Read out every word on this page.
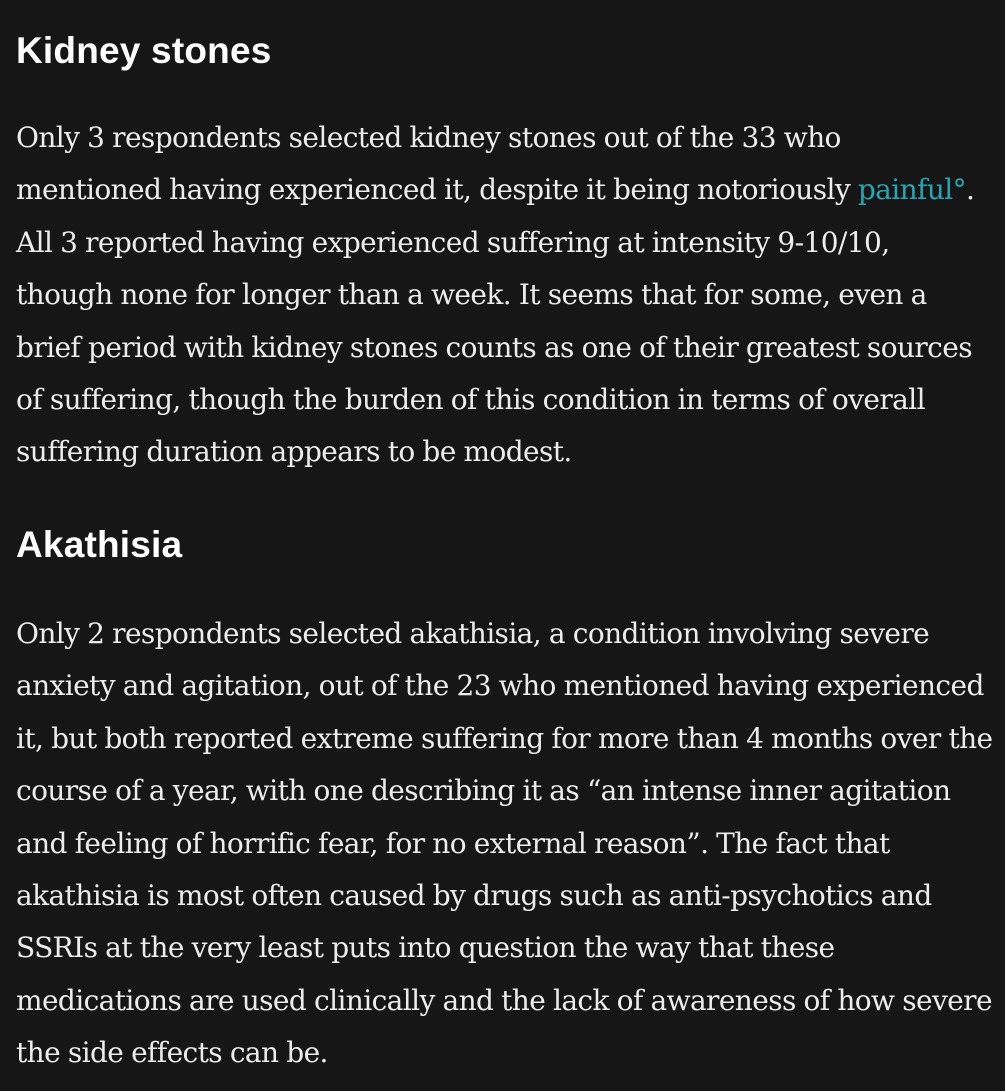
Kidney stones

Only 3 respondents selected kidney stones out of the 33 who mentioned having experienced it, despite it being notoriously painful°. All 3 reported having experienced suffering at intensity 9-10/10, though none for longer than a week. It seems that for some, even a brief period with kidney stones counts as one of their greatest sources of suffering, though the burden of this condition in terms of overall suffering duration appears to be modest.

Akathisia

Only 2 respondents selected akathisia, a condition involving severe anxiety and agitation, out of the 23 who mentioned having experienced it, but both reported extreme suffering for more than 4 months over the course of a year, with one describing it as “an intense inner agitation and feeling of horrific fear, for no external reason”. The fact that akathisia is most often caused by drugs such as anti-psychotics and SSRIs at the very least puts into question the way that these medications are used clinically and the lack of awareness of how severe the side effects can be.
